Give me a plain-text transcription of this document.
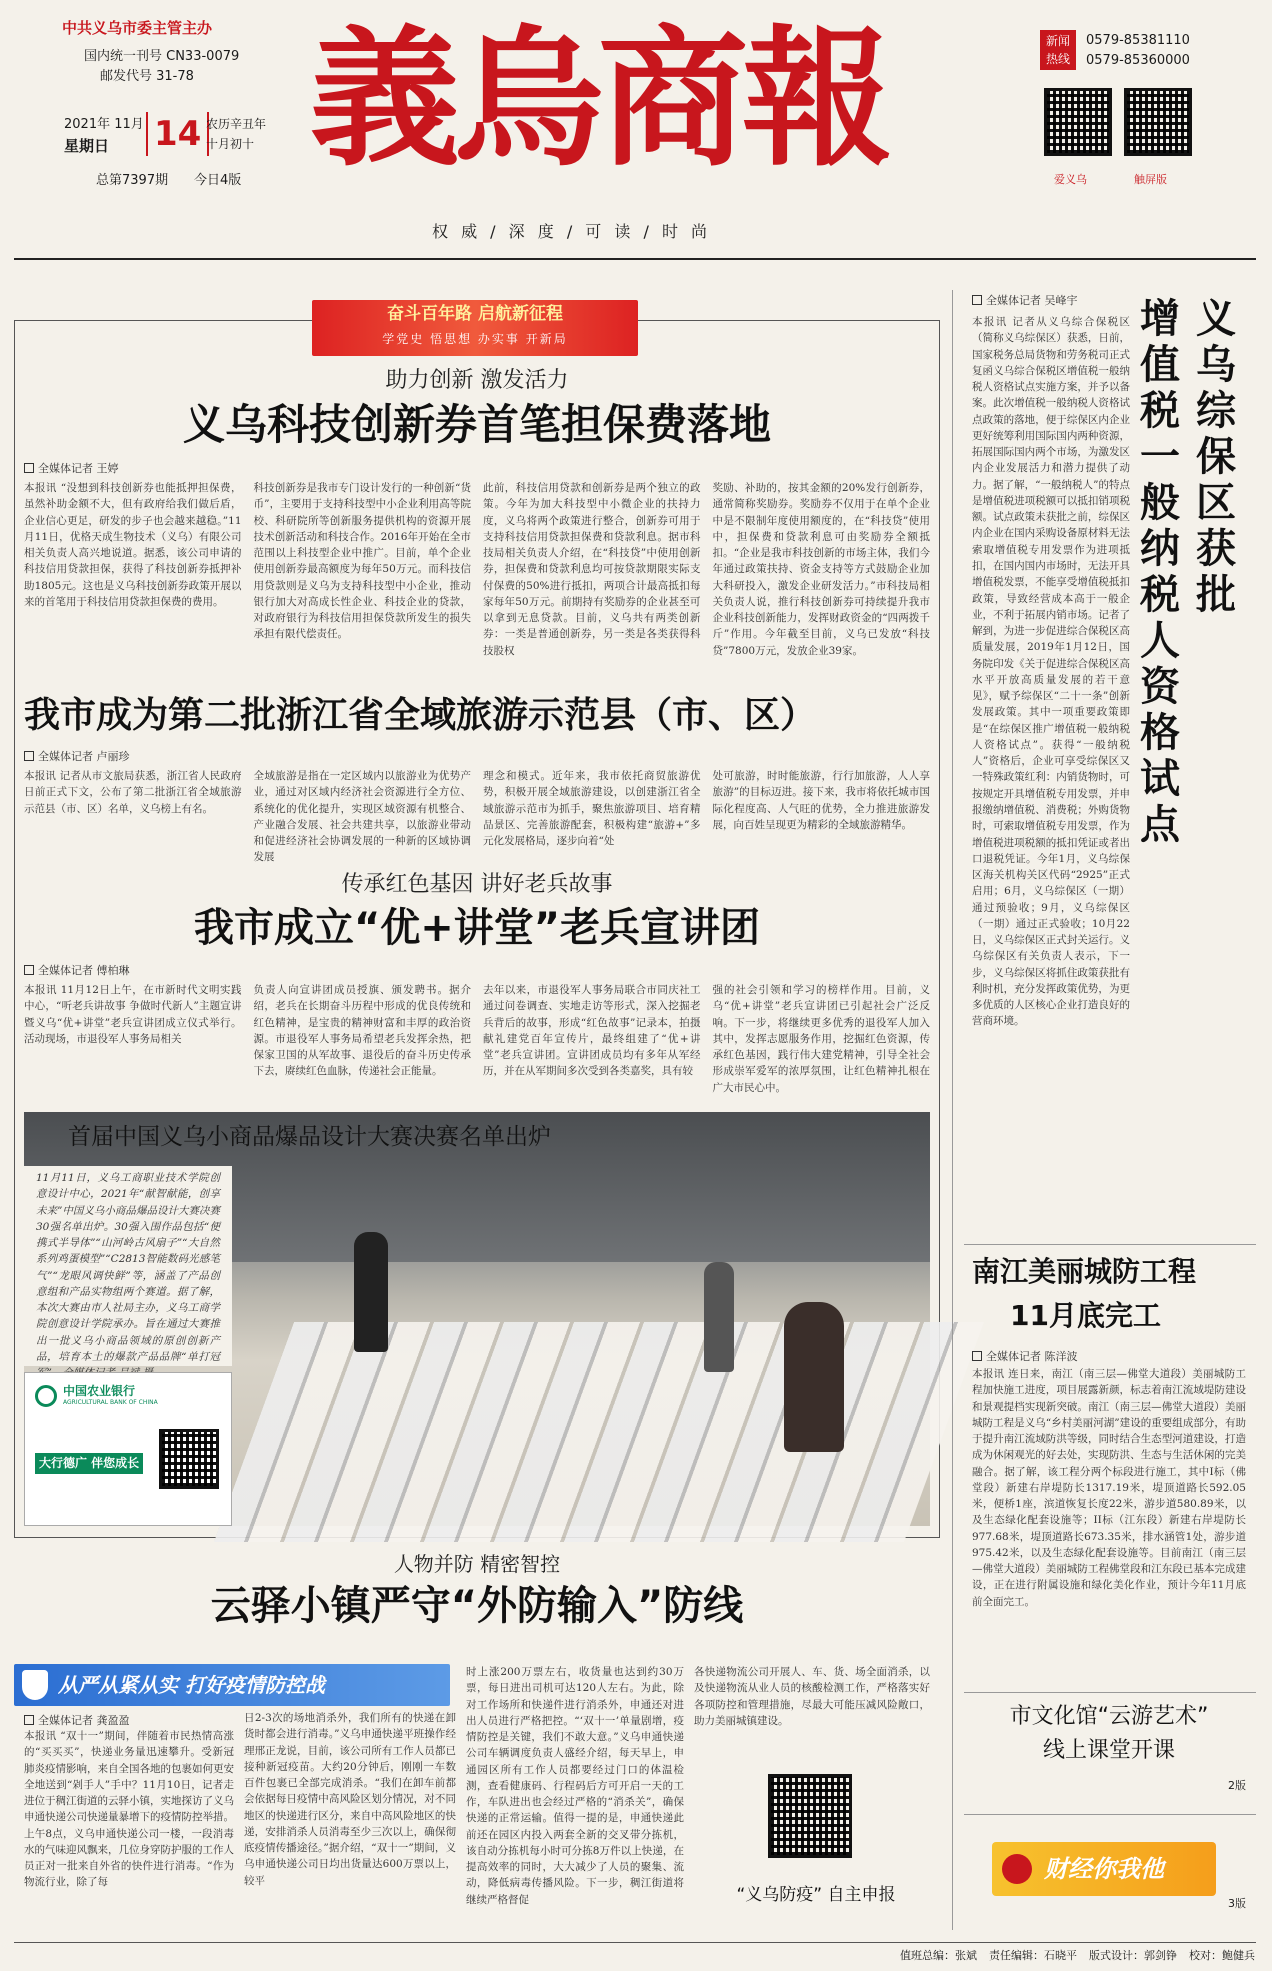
中共义乌市委主管主办
国内统一刊号 CN33-0079
邮发代号 31-78
2021年 11月
星期日 14 农历辛丑年
十月初十
总第7397期 今日4版 義烏商報
权 威 / 深 度 / 可 读 / 时 尚
新闻
热线
0579-85381110
0579-85360000
爱义乌	触屏版
奋斗百年路 启航新征程
学党史 悟思想 办实事 开新局
助力创新 激发活力
义乌科技创新券首笔担保费落地
全媒体记者 王婷
本报讯 “没想到科技创新券也能抵押担保费，虽然补助金额不大，但有政府给我们做后盾，企业信心更足，研发的步子也会越来越稳。”11月11日，优格天成生物技术（义乌）有限公司相关负责人高兴地说道。据悉，该公司申请的科技信用贷款担保，获得了科技创新券抵押补助1805元。这也是义乌科技创新券政策开展以来的首笔用于科技信用贷款担保费的费用。
科技创新券是我市专门设计发行的一种创新“货币”，主要用于支持科技型中小企业利用高等院校、科研院所等创新服务提供机构的资源开展技术创新活动和科技合作。2016年开始在全市范围以上科技型企业中推广。目前，单个企业使用创新券最高额度为每年50万元。而科技信用贷款则是义乌为支持科技型中小企业，推动银行加大对高成长性企业、科技企业的贷款，对政府银行为科技信用担保贷款所发生的损失承担有限代偿责任。
此前，科技信用贷款和创新券是两个独立的政策。今年为加大科技型中小微企业的扶持力度，义乌将两个政策进行整合，创新券可用于支持科技信用贷款担保费和贷款利息。据市科技局相关负责人介绍，在“科技贷”中使用创新券，担保费和贷款利息均可按贷款期限实际支付保费的50%进行抵扣，两项合计最高抵扣每家每年50万元。前期持有奖励券的企业甚至可以拿到无息贷款。目前，义乌共有两类创新券：一类是普通创新券，另一类是各类获得科技股权
奖励、补助的，按其金额的20%发行创新券，通常简称奖励券。奖励券不仅用于在单个企业中是不限制年度使用额度的，在“科技贷”使用中，担保费和贷款利息可由奖励券全额抵扣。“企业是我市科技创新的市场主体，我们今年通过政策扶持、资金支持等方式鼓励企业加大科研投入，激发企业研发活力。”市科技局相关负责人说，推行科技创新券可持续提升我市企业科技创新能力，发挥财政资金的“四两拨千斤”作用。今年截至目前，义乌已发放“科技贷”7800万元，发放企业39家。
我市成为第二批浙江省全域旅游示范县（市、区）
全媒体记者 卢丽珍
本报讯 记者从市文旅局获悉，浙江省人民政府日前正式下文，公布了第二批浙江省全域旅游示范县（市、区）名单，义乌榜上有名。
全域旅游是指在一定区域内以旅游业为优势产业，通过对区域内经济社会资源进行全方位、系统化的优化提升，实现区域资源有机整合、产业融合发展、社会共建共享，以旅游业带动和促进经济社会协调发展的一种新的区域协调发展
理念和模式。近年来，我市依托商贸旅游优势，积极开展全域旅游建设，以创建浙江省全域旅游示范市为抓手，聚焦旅游项目、培育精品景区、完善旅游配套，积极构建“旅游+”多元化发展格局，逐步向着“处
处可旅游，时时能旅游，行行加旅游，人人享旅游”的目标迈进。接下来，我市将依托城市国际化程度高、人气旺的优势，全力推进旅游发展，向百姓呈现更为精彩的全域旅游精华。
传承红色基因 讲好老兵故事
我市成立“优+讲堂”老兵宣讲团
全媒体记者 傅柏琳
本报讯 11月12日上午，在市新时代文明实践中心，“听老兵讲故事 争做时代新人”主题宣讲暨义乌“优+讲堂”老兵宣讲团成立仪式举行。活动现场，市退役军人事务局相关
负责人向宣讲团成员授旗、颁发聘书。据介绍，老兵在长期奋斗历程中形成的优良传统和红色精神，是宝贵的精神财富和丰厚的政治资源。市退役军人事务局希望老兵发挥余热，把保家卫国的从军故事、退役后的奋斗历史传承下去，赓续红色血脉，传递社会正能量。
去年以来，市退役军人事务局联合市同庆社工通过问卷调查、实地走访等形式，深入挖掘老兵背后的故事，形成“红色故事”记录本，拍摄献礼建党百年宣传片，最终组建了“优+讲堂”老兵宣讲团。宣讲团成员均有多年从军经历，并在从军期间多次受到各类嘉奖，具有较
强的社会引领和学习的榜样作用。目前，义乌“优+讲堂”老兵宣讲团已引起社会广泛反响。下一步，将继续更多优秀的退役军人加入其中，发挥志愿服务作用，挖掘红色资源，传承红色基因，践行伟大建党精神，引导全社会形成崇军爱军的浓厚氛围，让红色精神扎根在广大市民心中。
首届中国义乌小商品爆品设计大赛决赛名单出炉
11月11日，义乌工商职业技术学院创意设计中心，2021年“献智献能，创享未来”中国义乌小商品爆品设计大赛决赛30强名单出炉。30强入围作品包括“便携式半导体”“山河岭古风扇子”“大自然系列鸡蛋模型”“C2813智能数码光感笔气”“龙眼风调快鲜”等，涵盖了产品创意组和产品实物组两个赛道。据了解，本次大赛由市人社局主办，义乌工商学院创意设计学院承办。旨在通过大赛推出一批义乌小商品领域的原创创新产品，培育本土的爆款产品品牌“单打冠
中国农业银行
AGRICULTURAL BANK OF CHINA
大行德广 伴您成长
人物并防 精密智控
云驿小镇严守“外防输入”防线
从严从紧从实 打好疫情防控战
全媒体记者 龚盈盈
本报讯 “双十一”期间，伴随着市民热情高涨的“买买买”，快递业务量迅速攀升。受新冠肺炎疫情影响，来自全国各地的包裹如何更安全地送到“剁手人”手中？11月10日，记者走进位于稠江街道的云驿小镇，实地探访了义乌申通快递公司快递量暴增下的疫情防控举措。上午8点，义乌申通快递公司一楼，一段消毒水的气味迎风飘来，几位身穿防护服的工作人员正对一批来自外省的快件进行消毒。“作为物流行业，除了每
日2-3次的场地消杀外，我们所有的快递在卸货时都会进行消毒。”义乌申通快递平班操作经理邢正龙说，目前，该公司所有工作人员都已接种新冠疫苗。大约20分钟后，刚刚一车数百件包裹已全部完成消杀。“我们在卸车前都会依据每日疫情中高风险区划分情况，对不同地区的快递进行区分，来自中高风险地区的快递，安排消杀人员消毒至少三次以上，确保彻底疫情传播途径。”据介绍，“双十一”期间，义乌申通快递公司日均出货量达600万票以上，较平
时上涨200万票左右，收货量也达到约30万票，每日进出司机可达120人左右。为此，除对工作场所和快递件进行消杀外，申通还对进出人员进行严格把控。“‘双十一’单量剧增，疫情防控是关键，我们不敢大意。”义乌申通快递公司车辆调度负责人盛经介绍，每天早上，申通园区所有工作人员都要经过门口的体温检测，查看健康码、行程码后方可开启一天的工作，车队进出也会经过严格的“消杀关”，确保快递的正常运输。值得一提的是，申通快递此前还在园区内投入两套全新的交叉带分拣机，该自动分拣机每小时可分拣8万件以上快递，在提高效率的同时，大大减少了人员的聚集、流动，降低病毒传播风险。下一步，稠江街道将继续严格督促
各快递物流公司开展人、车、货、场全面消杀，以及快递物流从业人员的核酸检测工作，严格落实好各项防控和管理措施，尽最大可能压减风险敞口，助力美丽城镇建设。
“义乌防疫” 自主申报
全媒体记者 吴峰宇	义乌综保区获批
增值税一般纳税人资格试点
本报讯 记者从义乌综合保税区（简称义乌综保区）获悉，日前，国家税务总局货物和劳务税司正式复函义乌综合保税区增值税一般纳税人资格试点实施方案，并予以备案。此次增值税一般纳税人资格试点政策的落地，便于综保区内企业更好统筹利用国际国内两种资源，拓展国际国内两个市场，为激发区内企业发展活力和潜力提供了动力。据了解，“一般纳税人”的特点是增值税进项税额可以抵扣销项税额。试点政策未获批之前，综保区内企业在国内采购设备原材料无法索取增值税专用发票作为进项抵扣，在国内国内市场时，无法开具增值税发票，不能享受增值税抵扣政策，导致经营成本高于一般企业，不利于拓展内销市场。记者了解到，为进一步促进综合保税区高质量发展，2019年1月12日，国务院印发《关于促进综合保税区高水平开放高质量发展的若干意见》，赋予综保区“二十一条”创新发展政策。其中一项重要政策即是“在综保区推广增值税一般纳税人资格试点”。获得“一般纳税人”资格后，企业可享受综保区又一特殊政策红利：内销货物时，可按规定开具增值税专用发票，并申报缴纳增值税、消费税；外购货物时，可索取增值税专用发票，作为增值税进项税额的抵扣凭证或者出口退税凭证。今年1月，义乌综保区海关机构关区代码“2925”正式启用；6月，义乌综保区（一期）通过预验收；9月，义乌综保区（一期）通过正式验收；10月22日，义乌综保区正式封关运行。义乌综保区有关负责人表示，下一步，义乌综保区将抓住政策获批有利时机，充分发挥政策优势，为更多优质的人区核心企业打造良好的营商环境。
南江美丽城防工程
11月底完工
全媒体记者 陈洋波
本报讯 连日来，南江（南三层—佛堂大道段）美丽城防工程加快施工进度，项目展露新颜，标志着南江流域堤防建设和景观提档实现新突破。南江（南三层—佛堂大道段）美丽城防工程是义乌“乡村美丽河湖”建设的重要组成部分，有助于提升南江流域防洪等级，同时结合生态型河道建设，打造成为休闲观光的好去处，实现防洪、生态与生活休闲的完美融合。据了解，该工程分两个标段进行施工，其中I标（佛堂段）新建右岸堤防长1317.19米，堤顶道路长592.05米，便桥1座，滨道恢复长度22米，游步道580.89米，以及生态绿化配套设施等；II标（江东段）新建右岸堤防长977.68米，堤顶道路长673.35米，排水涵管1处，游步道975.42米，以及生态绿化配套设施等。目前南江（南三层—佛堂大道段）美丽城防工程佛堂段和江东段已基本完成建设，正在进行附属设施和绿化美化作业，预计今年11月底前全面完工。
市文化馆“云游艺术”
线上课堂开课
2版
财经你我他
3版
值班总编：张斌 责任编辑：石晓平 版式设计：郭剑铮 校对：鲍健兵
